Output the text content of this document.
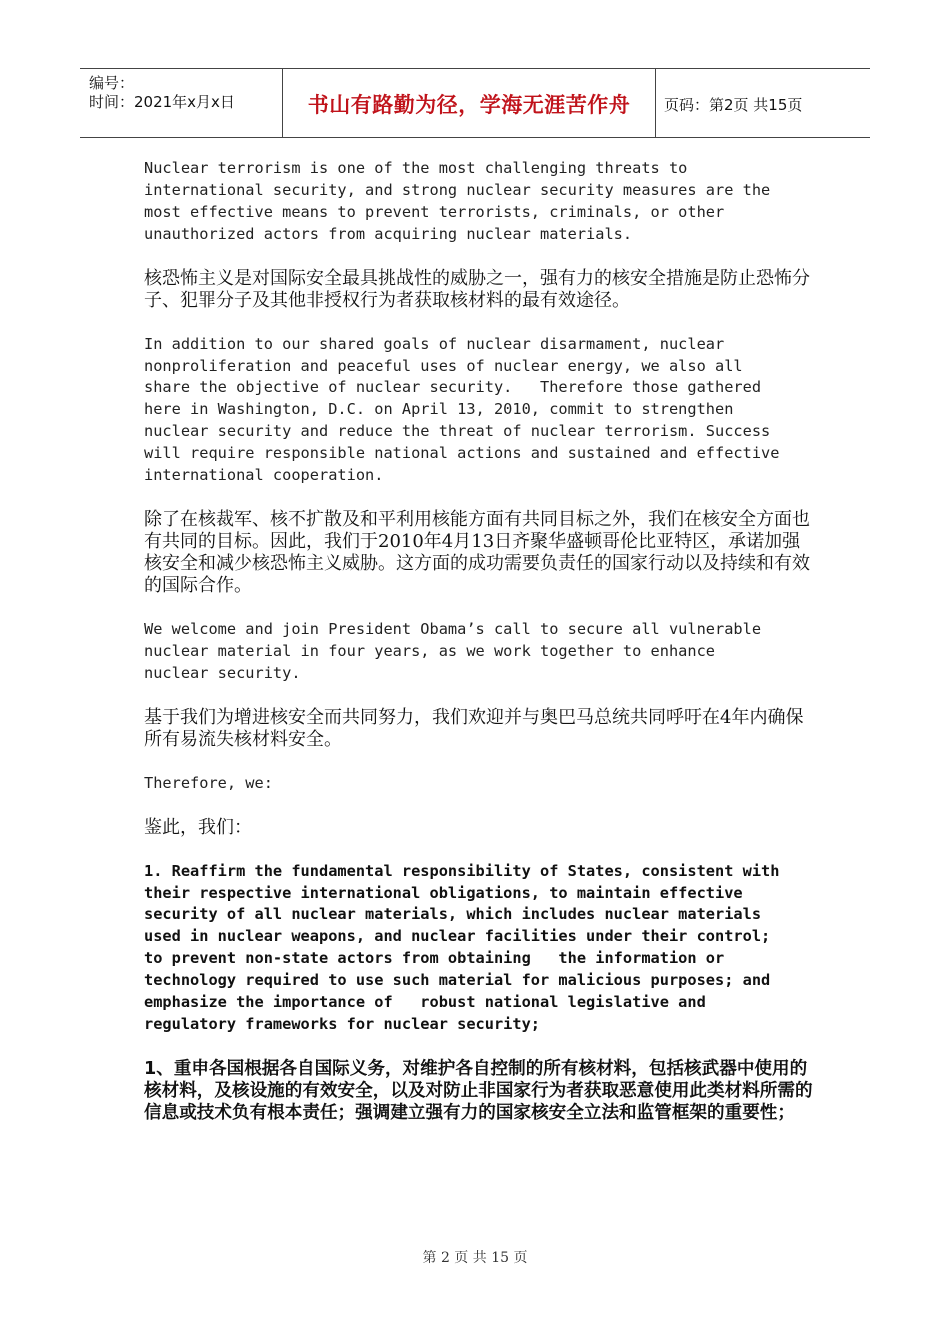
编号：
时间：2021年x月x日	书山有路勤为径，学海无涯苦作舟	页码：第2页 共15页

Nuclear terrorism is one of the most challenging threats to
international security, and strong nuclear security measures are the
most effective means to prevent terrorists, criminals, or other
unauthorized actors from acquiring nuclear materials.

核恐怖主义是对国际安全最具挑战性的威胁之一，强有力的核安全措施是防止恐怖分子、犯罪分子及其他非授权行为者获取核材料的最有效途径。

In addition to our shared goals of nuclear disarmament, nuclear
nonproliferation and peaceful uses of nuclear energy, we also all
share the objective of nuclear security.   Therefore those gathered
here in Washington, D.C. on April 13, 2010, commit to strengthen
nuclear security and reduce the threat of nuclear terrorism. Success
will require responsible national actions and sustained and effective
international cooperation.

除了在核裁军、核不扩散及和平利用核能方面有共同目标之外，我们在核安全方面也有共同的目标。因此，我们于2010年4月13日齐聚华盛顿哥伦比亚特区，承诺加强核安全和减少核恐怖主义威胁。这方面的成功需要负责任的国家行动以及持续和有效的国际合作。

We welcome and join President Obama’s call to secure all vulnerable
nuclear material in four years, as we work together to enhance
nuclear security.

基于我们为增进核安全而共同努力，我们欢迎并与奥巴马总统共同呼吁在4年内确保所有易流失核材料安全。

Therefore, we:

鉴此，我们：

1. Reaffirm the fundamental responsibility of States, consistent with
their respective international obligations, to maintain effective
security of all nuclear materials, which includes nuclear materials
used in nuclear weapons, and nuclear facilities under their control;
to prevent non-state actors from obtaining   the information or
technology required to use such material for malicious purposes; and
emphasize the importance of   robust national legislative and
regulatory frameworks for nuclear security;

1、重申各国根据各自国际义务，对维护各自控制的所有核材料，包括核武器中使用的核材料，及核设施的有效安全，以及对防止非国家行为者获取恶意使用此类材料所需的信息或技术负有根本责任；强调建立强有力的国家核安全立法和监管框架的重要性；

第 2 页 共 15 页
